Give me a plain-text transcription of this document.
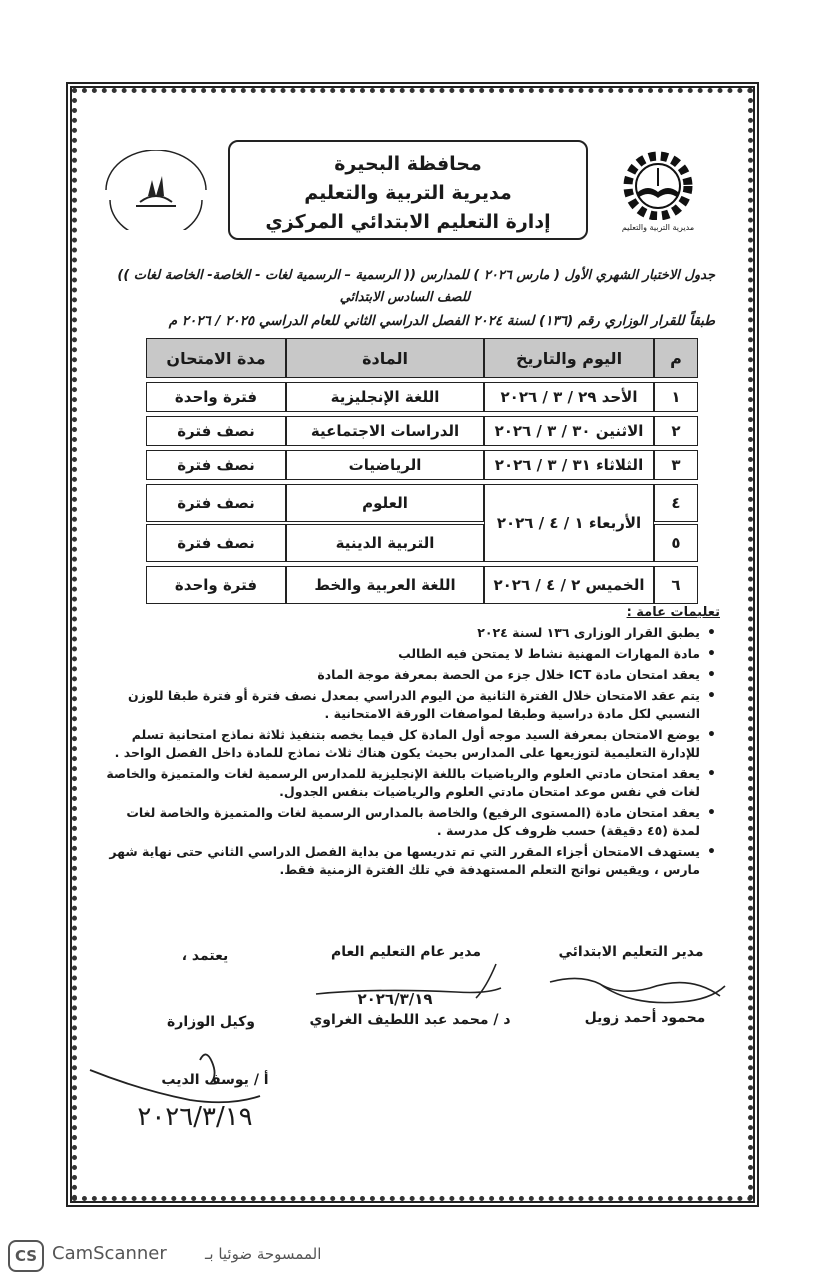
مديرية التربية والتعليم
محافظة البحيرة
مديرية التربية والتعليم
إدارة التعليم الابتدائي المركزي
جدول الاختبار الشهري الأول ( مارس ٢٠٢٦ ) للمدارس (( الرسمية – الرسمية لغات - الخاصة- الخاصة لغات ))
للصف السادس الابتدائي
طبقاً للقرار الوزاري رقم (١٣٦) لسنة ٢٠٢٤ الفصل الدراسي الثاني للعام الدراسي ٢٠٢٥ / ٢٠٢٦ م
م
اليوم والتاريخ
المادة
مدة الامتحان
١
الأحد ٢٩ / ٣ / ٢٠٢٦
اللغة الإنجليزية
فترة واحدة
٢
الاثنين ٣٠ / ٣ / ٢٠٢٦
الدراسات الاجتماعية
نصف فترة
٣
الثلاثاء ٣١ / ٣ / ٢٠٢٦
الرياضيات
نصف فترة
٤
الأربعاء ١ / ٤ / ٢٠٢٦
العلوم
نصف فترة
٥
التربية الدينية
نصف فترة
٦
الخميس ٢ / ٤ / ٢٠٢٦
اللغة العربية والخط
فترة واحدة
تعليمات عامة :
• يطبق القرار الوزارى ١٣٦ لسنة ٢٠٢٤
• مادة المهارات المهنية نشاط لا يمتحن فيه الطالب
• يعقد امتحان مادة ICT خلال جزء من الحصة بمعرفة موجة المادة
• يتم عقد الامتحان خلال الفترة الثانية من اليوم الدراسي بمعدل نصف فترة أو فترة طبقا للوزن النسبي لكل مادة دراسية وطبقا لمواصفات الورقة الامتحانية .
• يوضع الامتحان بمعرفة السيد موجه أول المادة كل فيما يخصه بتنفيذ ثلاثة نماذج امتحانية تسلم للإدارة التعليمية لتوزيعها على المدارس بحيث يكون هناك ثلاث نماذج للمادة داخل الفصل الواحد .
• يعقد امتحان مادتي العلوم والرياضيات باللغة الإنجليزية للمدارس الرسمية لغات والمتميزة والخاصة لغات في نفس موعد امتحان مادتي العلوم والرياضيات بنفس الجدول.
• يعقد امتحان مادة (المستوى الرفيع) والخاصة بالمدارس الرسمية لغات والمتميزة والخاصة لغات لمدة (٤٥ دقيقة) حسب ظروف كل مدرسة .
• يستهدف الامتحان أجزاء المقرر التي تم تدريسها من بداية الفصل الدراسي الثاني حتى نهاية شهر مارس ، ويقيس نواتج التعلم المستهدفة في تلك الفترة الزمنية فقط.
مدير التعليم الابتدائي
مدير عام التعليم العام
يعتمد ،
محمود أحمد زويل
٢٠٢٦/٣/١٩
د / محمد عبد اللطيف الغراوي
وكيل الوزارة
أ / يوسف الديب
٢٠٢٦/٣/١٩
CS CamScanner	الممسوحة ضوئيا بـ
